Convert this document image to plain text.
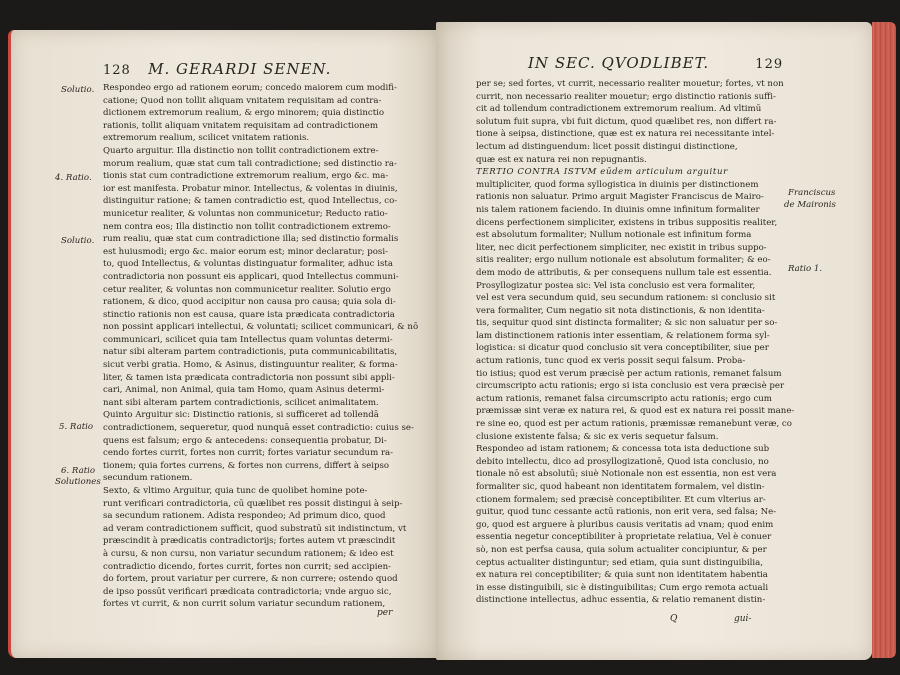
128 M. GERARDI SENEN.
Solutio.
4. Ratio.
Solutio.
5. Ratio
6. Ratio
Solutiones
Respondeo ergo ad rationem eorum; concedo maiorem cum modifi-
catione; Quod non tollit aliquam vnitatem requisitam ad contra-
dictionem extremorum realium, & ergo minorem; quia distinctio
rationis, tollit aliquam vnitatem requisitam ad contradictionem
extremorum realium, scilicet vnitatem rationis.
Quarto arguitur. Illa distinctio non tollit contradictionem extre-
morum realium, quæ stat cum tali contradictione; sed distinctio ra-
tionis stat cum contradictione extremorum realium, ergo &c. ma-
ior est manifesta. Probatur minor. Intellectus, & volentas in diuinis,
distinguitur ratione; & tamen contradictio est, quod Intellectus, co-
municetur realiter, & voluntas non communicetur; Reducto ratio-
nem contra eos; Illa distinctio non tollit contradictionem extremo-
rum realiu, quæ stat cum contradictione illa; sed distinctio formalis
est huiusmodi; ergo &c. maior eorum est; minor declaratur; posi-
to, quod Intellectus, & voluntas distinguatur formaliter, adhuc ista
contradictoria non possunt eis applicari, quod Intellectus communi-
cetur realiter, & voluntas non communicetur realiter. Solutio ergo
rationem, & dico, quod accipitur non causa pro causa; quia sola di-
stinctio rationis non est causa, quare ista prædicata contradictoria
non possint applicari intellectui, & voluntati; scilicet communicari, & nō
communicari, scilicet quia tam Intellectus quam voluntas determi-
natur sibi alteram partem contradictionis, puta communicabilitatis,
sicut verbi gratia. Homo, & Asinus, distinguuntur realiter, & forma-
liter, & tamen ista prædicata contradictoria non possunt sibi appli-
cari, Animal, non Animal, quia tam Homo, quam Asinus determi-
nant sibi alteram partem contradictionis, scilicet animalitatem.
Quinto Arguitur sic: Distinctio rationis, si sufficeret ad tollendā
contradictionem, sequeretur, quod nunquā esset contradictio: cuius se-
quens est falsum; ergo & antecedens: consequentia probatur, Di-
cendo fortes currit, fortes non currit; fortes variatur secundum ra-
tionem; quia fortes currens, & fortes non currens, differt à seipso
secundum rationem.
Sexto, & vltimo Arguitur, quia tunc de quolibet homine pote-
runt verificari contradictoria, cū quælibet res possit distingui à seip-
sa secundum rationem. Adista respondeo; Ad primum dico, quod
ad veram contradictionem sufficit, quod substratū sit indistinctum, vt
præscindit à prædicatis contradictorijs; fortes autem vt præscindit
à cursu, & non cursu, non variatur secundum rationem; & ideo est
contradictio dicendo, fortes currit, fortes non currit; sed accipien-
do fortem, prout variatur per currere, & non currere; ostendo quod
de ipso possūt verificari prædicata contradictoria; vnde arguo sic,
fortes vt currit, & non currit solum variatur secundum rationem,
per
IN SEC. QVODLIBET.	129
Franciscus
de Maironis
Ratio 1.
per se; sed fortes, vt currit, necessario realiter mouetur; fortes, vt non
currit, non necessario realiter mouetur; ergo distinctio rationis suffi-
cit ad tollendum contradictionem extremorum realium. Ad vltimū
solutum fuit supra, vbi fuit dictum, quod quælibet res, non differt ra-
tione à seipsa, distinctione, quæ est ex natura rei necessitante intel-
lectum ad distinguendum: licet possit distingui distinctione,
quæ est ex natura rei non repugnantis.
TERTIO CONTRA ISTVM eūdem articulum arguitur
multipliciter, quod forma syllogistica in diuinis per distinctionem
rationis non saluatur. Primo arguit Magister Franciscus de Mairo-
nis talem rationem faciendo. In diuinis omne infinitum formaliter
dicens perfectionem simpliciter, existens in tribus suppositis realiter,
est absolutum formaliter; Nullum notionale est infinitum forma
liter, nec dicit perfectionem simpliciter, nec existit in tribus suppo-
sitis realiter; ergo nullum notionale est absolutum formaliter; & eo-
dem modo de attributis, & per consequens nullum tale est essentia.
Prosyllogizatur postea sic: Vel ista conclusio est vera formaliter,
vel est vera secundum quid, seu secundum rationem: si conclusio sit
vera formaliter, Cum negatio sit nota distinctionis, & non identita-
tis, sequitur quod sint distincta formaliter; & sic non saluatur per so-
lam distinctionem rationis inter essentiam, & relationem forma syl-
logistica: si dicatur quod conclusio sit vera conceptibiliter, siue per
actum rationis, tunc quod ex veris possit sequi falsum. Proba-
tio istius; quod est verum præcisè per actum rationis, remanet falsum
circumscripto actu rationis; ergo si ista conclusio est vera præcisè per
actum rationis, remanet falsa circumscripto actu rationis; ergo cum
præmissæ sint veræ ex natura rei, & quod est ex natura rei possit mane-
re sine eo, quod est per actum rationis, præmissæ remanebunt veræ, co
clusione existente falsa; & sic ex veris sequetur falsum.
Respondeo ad istam rationem; & concessa tota ista deductione sub
debito intellectu, dico ad prosyllogizationē, Quod ista conclusio, no
tionale nō est absolutū; siuè Notionale non est essentia, non est vera
formaliter sic, quod habeant non identitatem formalem, vel distin-
ctionem formalem; sed præcisè conceptibiliter. Et cum vlterius ar-
guitur, quod tunc cessante actū rationis, non erit vera, sed falsa; Ne-
go, quod est arguere à pluribus causis veritatis ad vnam; quod enim
essentia negetur conceptibiliter à proprietate relatiua, Vel è conuer
sò, non est perfsa causa, quia solum actualiter concipiuntur, & per
ceptus actualiter distinguntur; sed etiam, quia sunt distinguibilia,
ex natura rei conceptibiliter; & quia sunt non identitatem habentia
in esse distinguibili, sic è distinguibilitas; Cum ergo remota actuali
distinctione intellectus, adhuc essentia, & relatio remanent distin-
Q	gui-
